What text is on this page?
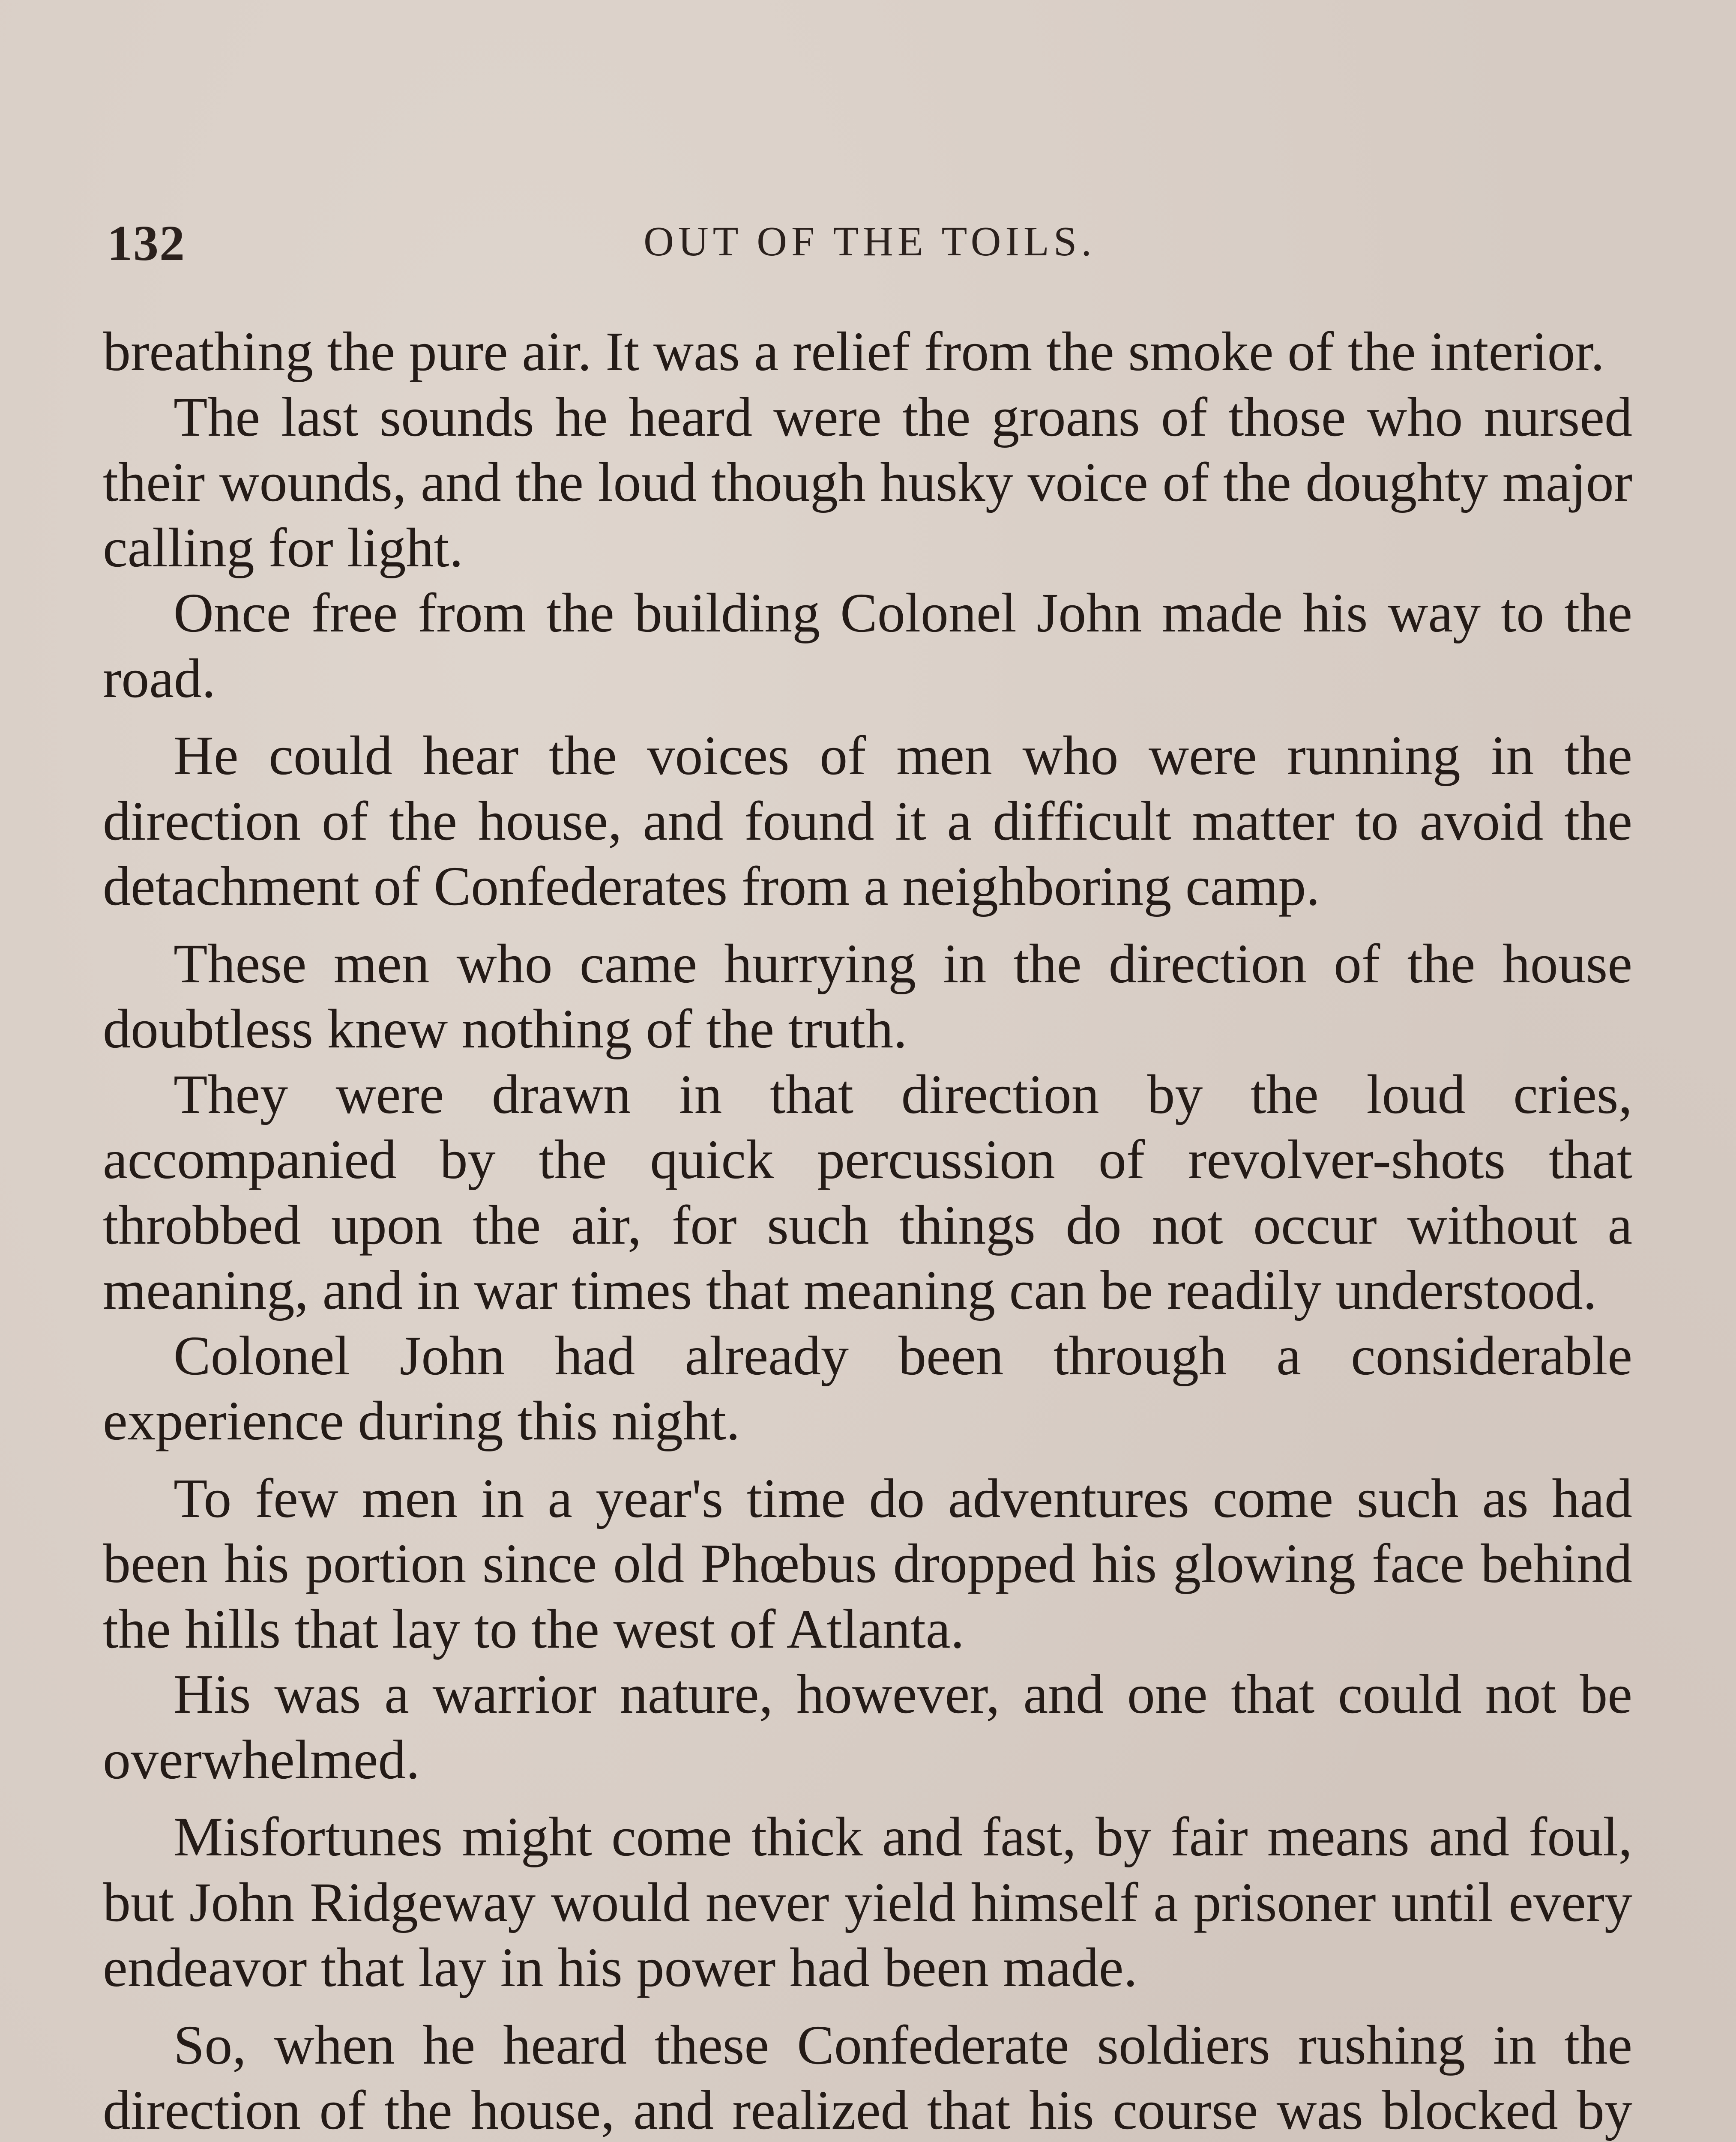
132	OUT OF THE TOILS.

breathing the pure air. It was a relief from the smoke of the interior.

The last sounds he heard were the groans of those who nursed their wounds, and the loud though husky voice of the doughty major calling for light.

Once free from the building Colonel John made his way to the road.

He could hear the voices of men who were running in the direction of the house, and found it a difficult matter to avoid the detachment of Confederates from a neighboring camp.

These men who came hurrying in the direction of the house doubtless knew nothing of the truth.

They were drawn in that direction by the loud cries, accompanied by the quick percussion of revolver-shots that throbbed upon the air, for such things do not occur without a meaning, and in war times that meaning can be readily understood.

Colonel John had already been through a considerable experience during this night.

To few men in a year's time do adventures come such as had been his portion since old Phœbus dropped his glowing face behind the hills that lay to the west of Atlanta.

His was a warrior nature, however, and one that could not be overwhelmed.

Misfortunes might come thick and fast, by fair means and foul, but John Ridgeway would never yield himself a prisoner until every endeavor that lay in his power had been made.

So, when he heard these Confederate soldiers rushing in the direction of the house, and realized that his course was blocked by
